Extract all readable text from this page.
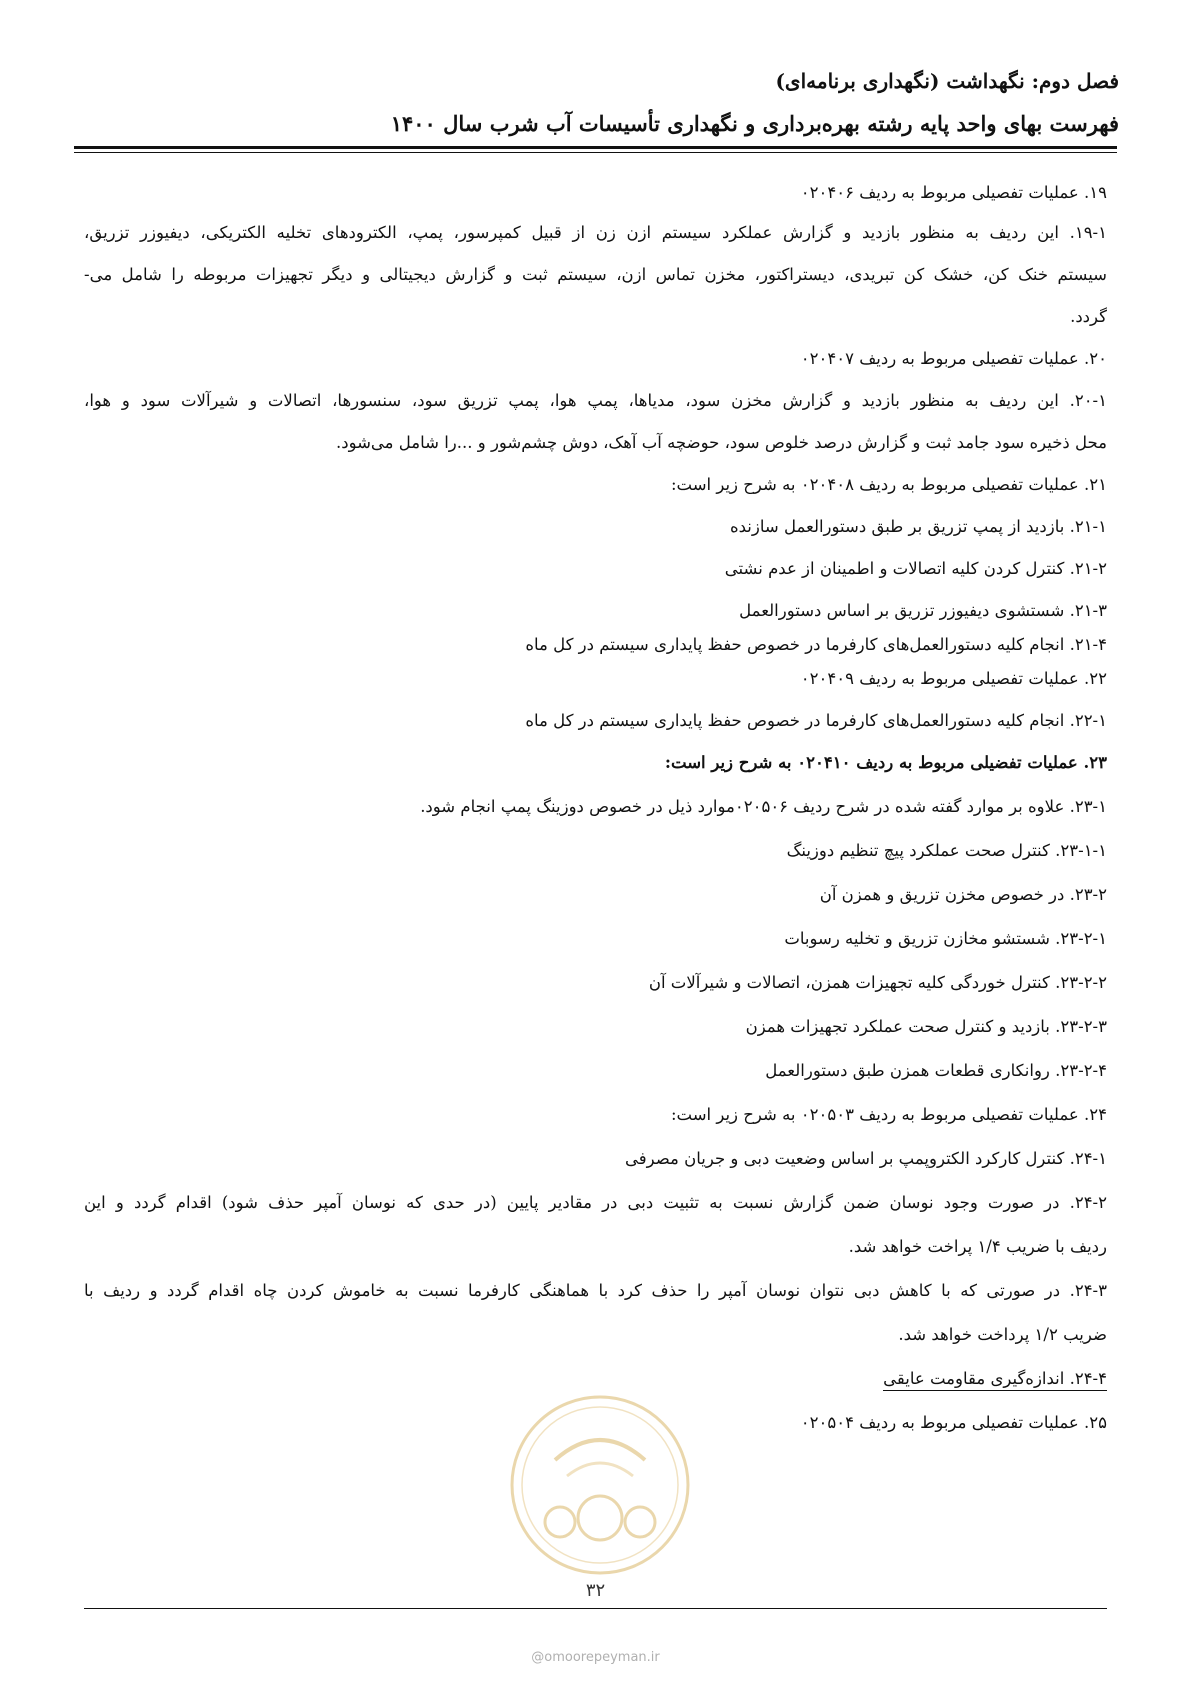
فصل دوم: نگهداشت (نگهداری برنامه‌ای)
فهرست بهای واحد پایه رشته بهره‌برداری و نگهداری تأسیسات آب شرب سال ۱۴۰۰
۱۹. عملیات تفصیلی مربوط به ردیف ۰۲۰۴۰۶
۱۹-۱. این ردیف به منظور بازدید و گزارش عملکرد سیستم ازن زن از قبیل کمپرسور، پمپ، الکترودهای تخلیه الکتریکی، دیفیوزر تزریق،
سیستم خنک کن، خشک کن تبریدی، دیستراکتور، مخزن تماس ازن، سیستم ثبت و گزارش دیجیتالی و دیگر تجهیزات مربوطه را شامل می-
گردد.
۲۰. عملیات تفصیلی مربوط به ردیف ۰۲۰۴۰۷
۲۰-۱. این ردیف به منظور بازدید و گزارش مخزن سود، مدیاها، پمپ هوا، پمپ تزریق سود، سنسورها، اتصالات و شیرآلات سود و هوا،
محل ذخیره سود جامد ثبت و گزارش درصد خلوص سود، حوضچه آب آهک، دوش چشم‌شور و ...را شامل می‌شود.
۲۱. عملیات تفصیلی مربوط به ردیف ۰۲۰۴۰۸ به شرح زیر است:
۲۱-۱. بازدید از پمپ تزریق بر طبق دستورالعمل سازنده
۲۱-۲. کنترل کردن کلیه اتصالات و اطمینان از عدم نشتی
۲۱-۳. شستشوی دیفیوزر تزریق بر اساس دستورالعمل
۲۱-۴. انجام کلیه دستورالعمل‌های کارفرما در خصوص حفظ پایداری سیستم در کل ماه
۲۲. عملیات تفصیلی مربوط به ردیف ۰۲۰۴۰۹
۲۲-۱. انجام کلیه دستورالعمل‌های کارفرما در خصوص حفظ پایداری سیستم در کل ماه
۲۳. عملیات تفضیلی مربوط به ردیف ۰۲۰۴۱۰ به شرح زیر است:
۲۳-۱. علاوه بر موارد گفته شده در شرح ردیف ۰۲۰۵۰۶موارد ذیل در خصوص دوزینگ پمپ انجام شود.
۲۳-۱-۱. کنترل صحت عملکرد پیچ تنظیم دوزینگ
۲۳-۲. در خصوص مخزن تزریق و همزن آن
۲۳-۲-۱. شستشو مخازن تزریق و تخلیه رسوبات
۲۳-۲-۲. کنترل خوردگی کلیه تجهیزات همزن، اتصالات و شیرآلات آن
۲۳-۲-۳. بازدید و کنترل صحت عملکرد تجهیزات همزن
۲۳-۲-۴. روانکاری قطعات همزن طبق دستورالعمل
۲۴. عملیات تفصیلی مربوط به ردیف ۰۲۰۵۰۳ به شرح زیر است:
۲۴-۱. کنترل کارکرد الکتروپمپ بر اساس وضعیت دبی و جریان مصرفی
۲۴-۲. در صورت وجود نوسان ضمن گزارش نسبت به تثبیت دبی در مقادیر پایین (در حدی که نوسان آمپر حذف شود) اقدام گردد و این
ردیف با ضریب ۱/۴ پراخت خواهد شد.
۲۴-۳. در صورتی که با کاهش دبی نتوان نوسان آمپر را حذف کرد با هماهنگی کارفرما نسبت به خاموش کردن چاه اقدام گردد و ردیف با
ضریب ۱/۲ پرداخت خواهد شد.
۲۴-۴. اندازه‌گیری مقاومت عایقی
۲۵. عملیات تفصیلی مربوط به ردیف ۰۲۰۵۰۴
۳۲
@omoorepeyman.ir
